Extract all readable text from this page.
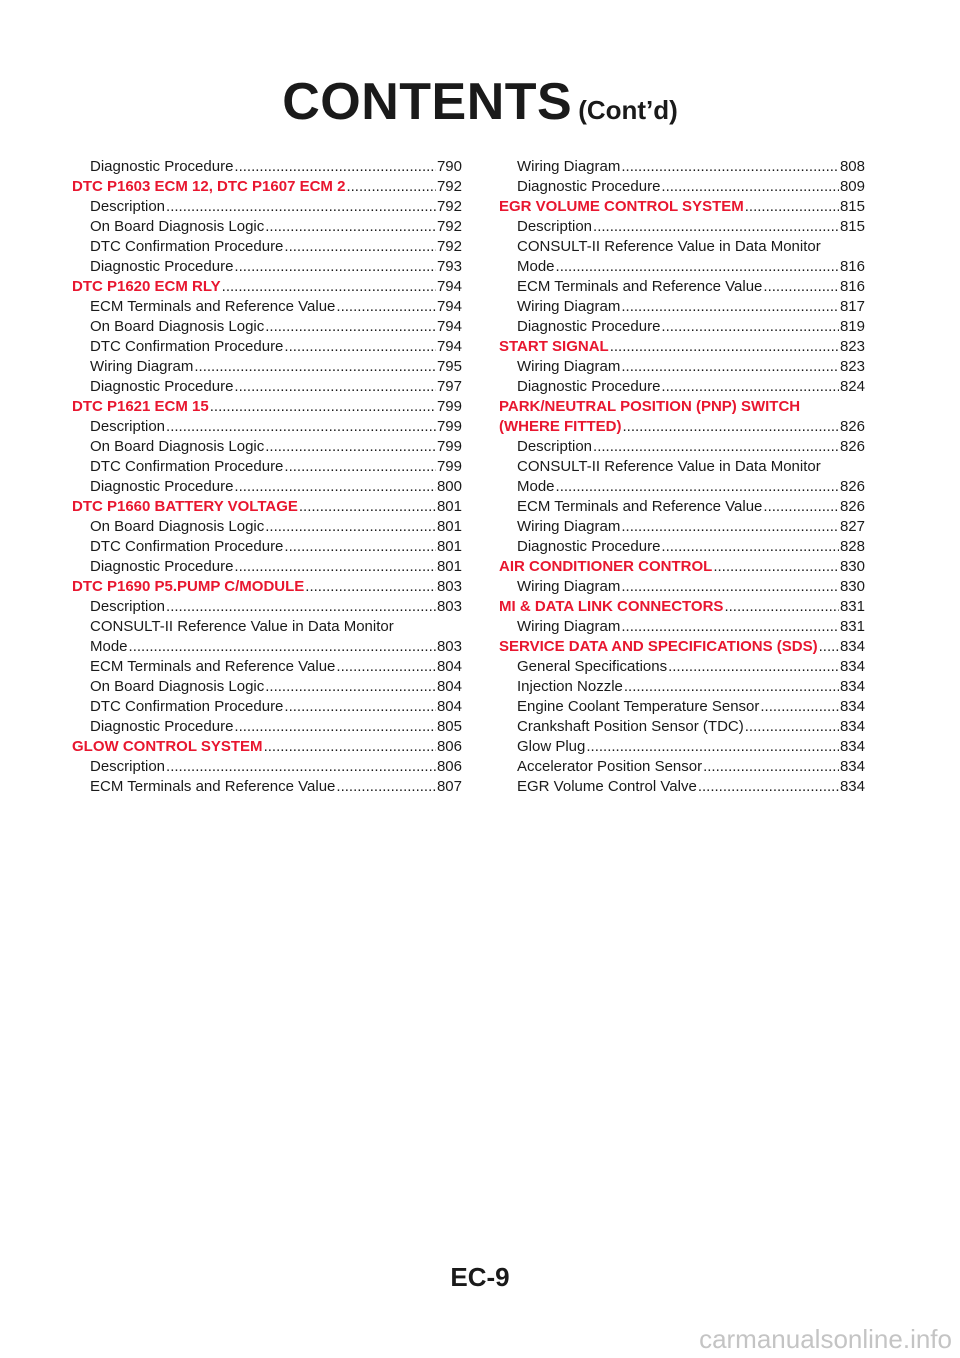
CONTENTS (Cont’d)
Diagnostic Procedure .....	790
DTC P1603 ECM 12, DTC P1607 ECM 2 .....	792
Description .....	792
On Board Diagnosis Logic .....	792
DTC Confirmation Procedure .....	792
Diagnostic Procedure .....	793
DTC P1620 ECM RLY .....	794
ECM Terminals and Reference Value .....	794
On Board Diagnosis Logic .....	794
DTC Confirmation Procedure .....	794
Wiring Diagram .....	795
Diagnostic Procedure .....	797
DTC P1621 ECM 15 .....	799
Description .....	799
On Board Diagnosis Logic .....	799
DTC Confirmation Procedure .....	799
Diagnostic Procedure .....	800
DTC P1660 BATTERY VOLTAGE .....	801
On Board Diagnosis Logic .....	801
DTC Confirmation Procedure .....	801
Diagnostic Procedure .....	801
DTC P1690 P5.PUMP C/MODULE .....	803
Description .....	803
CONSULT-II Reference Value in Data Monitor
Mode .....	803
ECM Terminals and Reference Value .....	804
On Board Diagnosis Logic .....	804
DTC Confirmation Procedure .....	804
Diagnostic Procedure .....	805
GLOW CONTROL SYSTEM .....	806
Description .....	806
ECM Terminals and Reference Value .....	807
Wiring Diagram .....	808
Diagnostic Procedure .....	809
EGR VOLUME CONTROL SYSTEM .....	815
Description .....	815
CONSULT-II Reference Value in Data Monitor
Mode .....	816
ECM Terminals and Reference Value .....	816
Wiring Diagram .....	817
Diagnostic Procedure .....	819
START SIGNAL .....	823
Wiring Diagram .....	823
Diagnostic Procedure .....	824
PARK/NEUTRAL POSITION (PNP) SWITCH
(WHERE FITTED) .....	826
Description .....	826
CONSULT-II Reference Value in Data Monitor
Mode .....	826
ECM Terminals and Reference Value .....	826
Wiring Diagram .....	827
Diagnostic Procedure .....	828
AIR CONDITIONER CONTROL .....	830
Wiring Diagram .....	830
MI & DATA LINK CONNECTORS .....	831
Wiring Diagram .....	831
SERVICE DATA AND SPECIFICATIONS (SDS) ..... 834
General Specifications .....	834
Injection Nozzle .....	834
Engine Coolant Temperature Sensor .....	834
Crankshaft Position Sensor (TDC) .....	834
Glow Plug .....	834
Accelerator Position Sensor .....	834
EGR Volume Control Valve .....	834
EC-9
carmanualsonline.info
